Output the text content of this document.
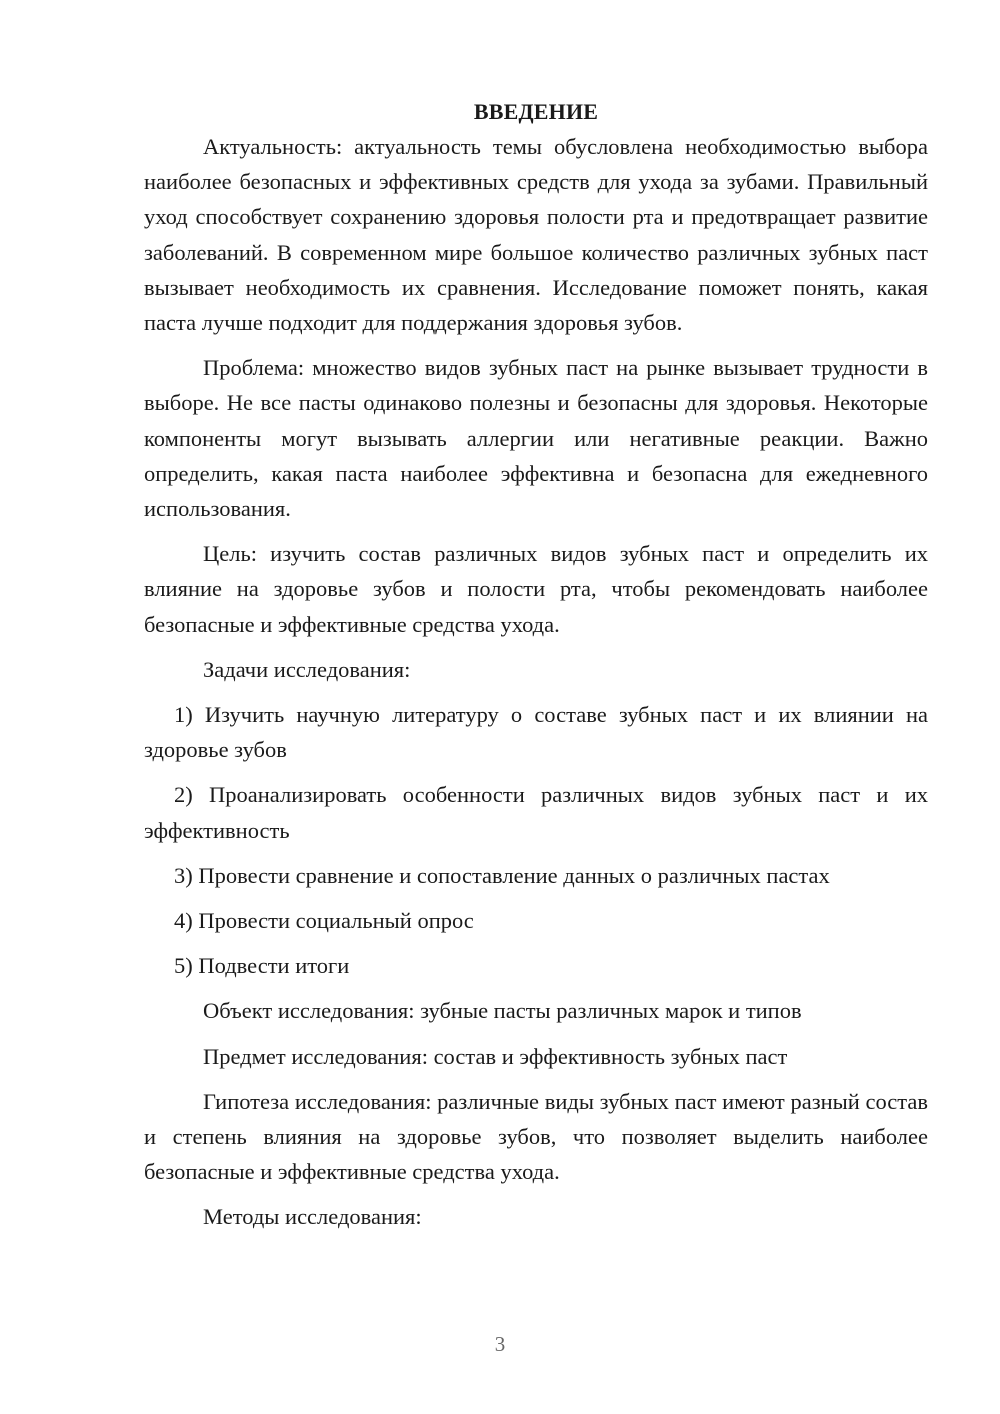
ВВЕДЕНИЕ

Актуальность: актуальность темы обусловлена необходимостью выбора наиболее безопасных и эффективных средств для ухода за зубами. Правильный уход способствует сохранению здоровья полости рта и предотвращает развитие заболеваний. В современном мире большое количество различных зубных паст вызывает необходимость их сравнения. Исследование поможет понять, какая паста лучше подходит для поддержания здоровья зубов.

Проблема: множество видов зубных паст на рынке вызывает трудности в выборе. Не все пасты одинаково полезны и безопасны для здоровья. Некоторые компоненты могут вызывать аллергии или негативные реакции. Важно определить, какая паста наиболее эффективна и безопасна для ежедневного использования.

Цель: изучить состав различных видов зубных паст и определить их влияние на здоровье зубов и полости рта, чтобы рекомендовать наиболее безопасные и эффективные средства ухода.

Задачи исследования:

1) Изучить научную литературу о составе зубных паст и их влиянии на здоровье зубов

2) Проанализировать особенности различных видов зубных паст и их эффективность

3) Провести сравнение и сопоставление данных о различных пастах

4) Провести социальный опрос

5) Подвести итоги

Объект исследования: зубные пасты различных марок и типов

Предмет исследования: состав и эффективность зубных паст

Гипотеза исследования: различные виды зубных паст имеют разный состав и степень влияния на здоровье зубов, что позволяет выделить наиболее безопасные и эффективные средства ухода.

Методы исследования:

3
